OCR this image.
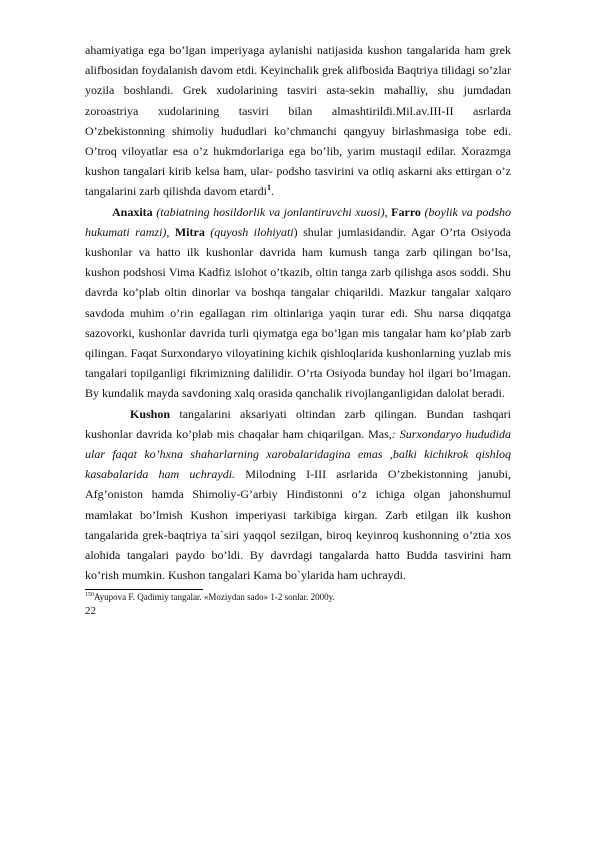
ahamiyatiga ega bo’lgan imperiyaga aylanishi natijasida kushon tangalarida ham grek alifbosidan foydalanish davom etdi. Keyinchalik grek alifbosida Baqtriya tilidagi so’zlar yozila boshlandi. Grek xudolarining tasviri asta-sekin mahalliy, shu jumdadan zoroastriya xudolarining tasviri bilan almashtirildi.Mil.av.III-II asrlarda O’zbekistonning shimoliy hududlari ko’chmanchi qangyuy birlashmasiga tobe edi. O’troq viloyatlar esa o’z hukmdorlariga ega bo’lib, yarim mustaqil edilar. Xorazmga kushon tangalari kirib kelsa ham, ular- podsho tasvirini va otliq askarni aks ettirgan o’z tangalarini zarb qilishda davom etardi$^1$.

Anaxita (tabiatning hosildorlik va jonlantiruvchi xuosi), Farro (boylik va podsho hukumati ramzi), Mitra (quyosh ilohiyati) shular jumlasidandir. Agar O’rta Osiyoda kushonlar va hatto ilk kushonlar davrida ham kumush tanga zarb qilingan bo’lsa, kushon podshosi Vima Kadfiz islohot o’tkazib, oltin tanga zarb qilishga asos soddi. Shu davrda ko’plab oltin dinorlar va boshqa tangalar chiqarildi. Mazkur tangalar xalqaro savdoda muhim o’rin egallagan rim oltinlariga yaqin turar edi. Shu narsa diqqatga sazovorki, kushonlar davrida turli qiymatga ega bo’lgan mis tangalar ham ko’plab zarb qilingan. Faqat Surxondaryo viloyatining kichik qishloqlarida kushonlarning yuzlab mis tangalari topilganligi fikrimizning dalilidir. O’rta Osiyoda bunday hol ilgari bo’lmagan. By kundalik mayda savdoning xalq orasida qanchalik rivojlanganligidan dalolat beradi.

Kushon tangalarini aksariyati oltindan zarb qilingan. Bundan tashqari kushonlar davrida ko’plab mis chaqalar ham chiqarilgan. Mas,: Surxondaryo hududida ular faqat ko’hxna shaharlarning xarobalaridagina emas ,balki kichikrok qishloq kasabalarida ham uchraydi. Milodning I-III asrlarida O’zbekistonning janubi, Afg’oniston hamda Shimoliy-G’arbiy Hindistonni o’z ichiga olgan jahonshumul mamlakat bo’lmish Kushon imperiyasi tarkibiga kirgan. Zarb etilgan ilk kushon tangalarida grek-baqtriya ta`siri yaqqol sezilgan, biroq keyinroq kushonning o’ztia xos alohida tangalari paydo bo’ldi. By davrdagi tangalarda hatto Budda tasvirini ham ko’rish mumkin. Kushon tangalari Kama bo`ylarida ham uchraydi.

$^{150}$Ayupova F. Qadimiy tangalar. «Moziydan sado» 1-2 sonlar. 2000y.
22
